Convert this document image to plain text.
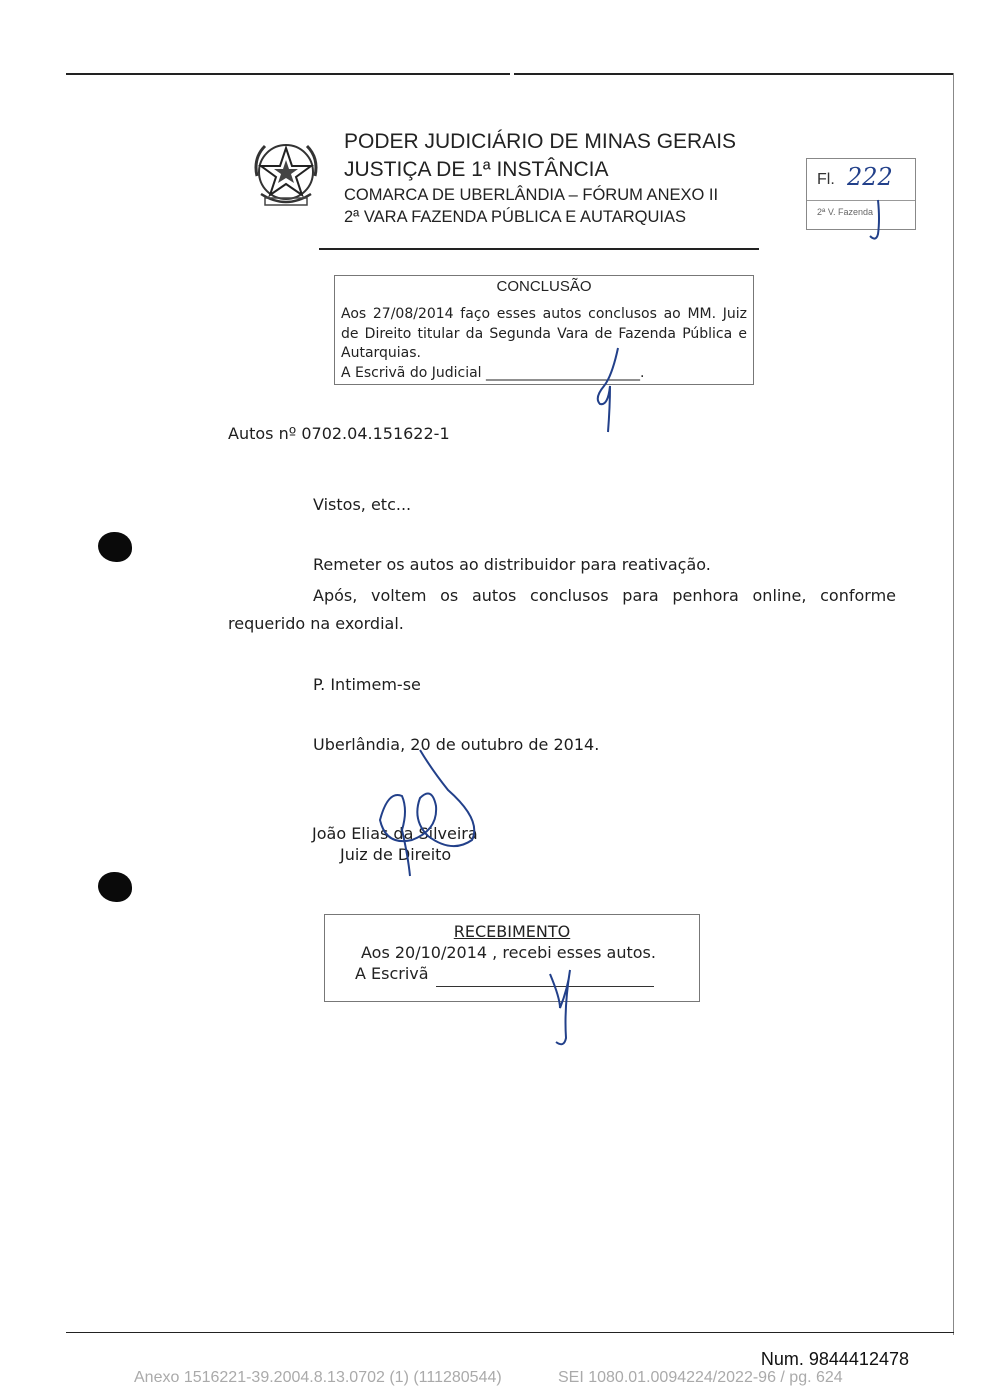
PODER JUDICIÁRIO DE MINAS GERAIS
JUSTIÇA DE 1ª INSTÂNCIA
COMARCA DE UBERLÂNDIA – FÓRUM ANEXO II
2ª VARA FAZENDA PÚBLICA E AUTARQUIAS
Fl. 222
2ª V. Fazenda
CONCLUSÃO
Aos 27/08/2014 faço esses autos conclusos ao MM. Juiz de Direito titular da Segunda Vara de Fazenda Pública e Autarquias.
A Escrivã do Judicial ______________________.
Autos nº 0702.04.151622-1
Vistos, etc...
Remeter os autos ao distribuidor para reativação.
Após, voltem os autos conclusos para penhora online, conforme
requerido na exordial.
P. Intimem-se
Uberlândia, 20 de outubro de 2014.
João Elias da Silveira
Juiz de Direito
RECEBIMENTO
Aos 20/10/2014 , recebi esses autos.
A Escrivã
Num. 9844412478
Anexo 1516221-39.2004.8.13.0702 (1) (111280544)	SEI 1080.01.0094224/2022-96 / pg. 624
